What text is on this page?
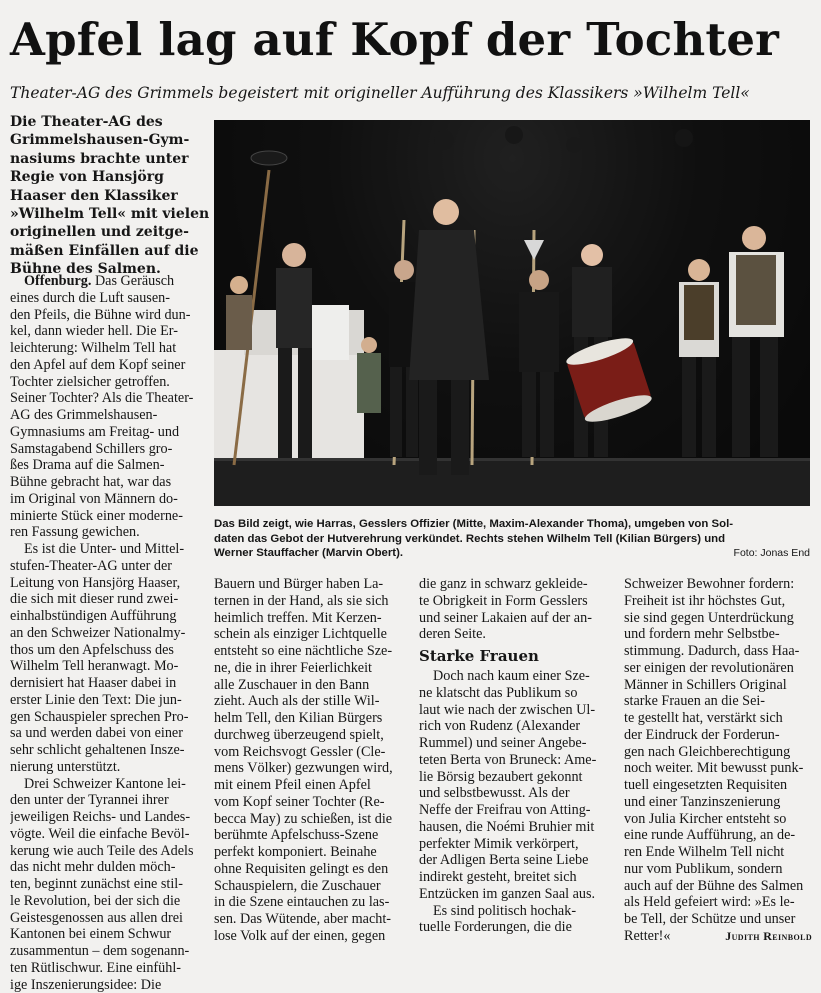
Apfel lag auf Kopf der Tochter
Theater-AG des Grimmels begeistert mit origineller Aufführung des Klassikers »Wilhelm Tell«
Die Theater-AG des
Grimmelshausen-Gym-
nasiums brachte unter
Regie von Hansjörg
Haaser den Klassiker
»Wilhelm Tell« mit vielen
originellen und zeitge-
mäßen Einfällen auf die
Bühne des Salmen.
Das Bild zeigt, wie Harras, Gesslers Offizier (Mitte, Maxim-Alexander Thoma), umgeben von Sol-
daten das Gebot der Hutverehrung verkündet. Rechts stehen Wilhelm Tell (Kilian Bürgers) und
Werner Stauffacher (Marvin Obert).	Foto: Jonas End
Offenburg. Das Geräusch
eines durch die Luft sausen-
den Pfeils, die Bühne wird dun-
kel, dann wieder hell. Die Er-
leichterung: Wilhelm Tell hat
den Apfel auf dem Kopf seiner
Tochter zielsicher getroffen.
Seiner Tochter? Als die Theater-
AG des Grimmelshausen-
Gymnasiums am Freitag- und
Samstagabend Schillers gro-
ßes Drama auf die Salmen-
Bühne gebracht hat, war das
im Original von Männern do-
minierte Stück einer moderne-
ren Fassung gewichen.
Es ist die Unter- und Mittel-
stufen-Theater-AG unter der
Leitung von Hansjörg Haaser,
die sich mit dieser rund zwei-
einhalbstündigen Aufführung
an den Schweizer Nationalmy-
thos um den Apfelschuss des
Wilhelm Tell heranwagt. Mo-
dernisiert hat Haaser dabei in
erster Linie den Text: Die jun-
gen Schauspieler sprechen Pro-
sa und werden dabei von einer
sehr schlicht gehaltenen Insze-
nierung unterstützt.
Drei Schweizer Kantone lei-
den unter der Tyrannei ihrer
jeweiligen Reichs- und Landes-
vögte. Weil die einfache Bevöl-
kerung wie auch Teile des Adels
das nicht mehr dulden möch-
ten, beginnt zunächst eine stil-
le Revolution, bei der sich die
Geistesgenossen aus allen drei
Kantonen bei einem Schwur
zusammentun – dem sogenann-
ten Rütlischwur. Eine einfühl-
ige Inszenierungsidee: Die
Bauern und Bürger haben La-
ternen in der Hand, als sie sich
heimlich treffen. Mit Kerzen-
schein als einziger Lichtquelle
entsteht so eine nächtliche Sze-
ne, die in ihrer Feierlichkeit
alle Zuschauer in den Bann
zieht. Auch als der stille Wil-
helm Tell, den Kilian Bürgers
durchweg überzeugend spielt,
vom Reichsvogt Gessler (Cle-
mens Völker) gezwungen wird,
mit einem Pfeil einen Apfel
vom Kopf seiner Tochter (Re-
becca May) zu schießen, ist die
berühmte Apfelschuss-Szene
perfekt komponiert. Beinahe
ohne Requisiten gelingt es den
Schauspielern, die Zuschauer
in die Szene eintauchen zu las-
sen. Das Wütende, aber macht-
lose Volk auf der einen, gegen
die ganz in schwarz gekleide-
te Obrigkeit in Form Gesslers
und seiner Lakaien auf der an-
deren Seite.
Starke Frauen
Doch nach kaum einer Sze-
ne klatscht das Publikum so
laut wie nach der zwischen Ul-
rich von Rudenz (Alexander
Rummel) und seiner Angebe-
teten Berta von Bruneck: Ame-
lie Börsig bezaubert gekonnt
und selbstbewusst. Als der
Neffe der Freifrau von Atting-
hausen, die Noémi Bruhier mit
perfekter Mimik verkörpert,
der Adligen Berta seine Liebe
indirekt gesteht, breitet sich
Entzücken im ganzen Saal aus.
Es sind politisch hochak-
tuelle Forderungen, die die
Schweizer Bewohner fordern:
Freiheit ist ihr höchstes Gut,
sie sind gegen Unterdrückung
und fordern mehr Selbstbe-
stimmung. Dadurch, dass Haa-
ser einigen der revolutionären
Männer in Schillers Original
starke Frauen an die Sei-
te gestellt hat, verstärkt sich
der Eindruck der Forderun-
gen nach Gleichberechtigung
noch weiter. Mit bewusst punk-
tuell eingesetzten Requisiten
und einer Tanzinszenierung
von Julia Kircher entsteht so
eine runde Aufführung, an de-
ren Ende Wilhelm Tell nicht
nur vom Publikum, sondern
auch auf der Bühne des Salmen
als Held gefeiert wird: »Es le-
be Tell, der Schütze und unser
Retter!«	Judith Reinbold
